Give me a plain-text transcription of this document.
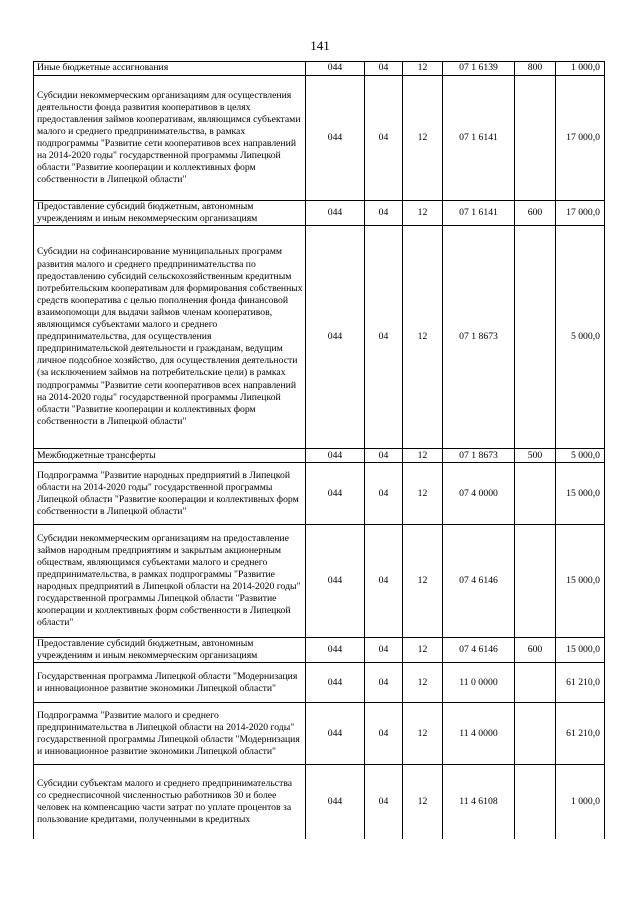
141
Иные бюджетные ассигнования	044	04	12	07 1 6139	800	1 000,0
Субсидии некоммерческим организациям для осуществления деятельности фонда развития кооперативов в целях предоставления займов кооперативам, являющимся субъектами малого и среднего предпринимательства, в рамках подпрограммы "Развитие сети кооперативов всех направлений на 2014-2020 годы" государственной программы Липецкой области "Развитие кооперации и коллективных форм собственности в Липецкой области"	044	04	12	07 1 6141		17 000,0
Предоставление субсидий бюджетным, автономным учреждениям и иным некоммерческим организациям	044	04	12	07 1 6141	600	17 000,0
Субсидии на софинансирование муниципальных программ развития малого и среднего предпринимательства по предоставлению субсидий сельскохозяйственным кредитным потребительским кооперативам для формирования собственных средств кооператива с целью пополнения фонда финансовой взаимопомощи для выдачи займов членам кооперативов, являющимся субъектами малого и среднего предпринимательства, для осуществления предпринимательской деятельности и гражданам, ведущим личное подсобное хозяйство, для осуществления деятельности (за исключением займов на потребительские цели) в рамках подпрограммы "Развитие сети кооперативов всех направлений на 2014-2020 годы" государственной программы Липецкой области "Развитие кооперации и коллективных форм собственности в Липецкой области"	044	04	12	07 1 8673		5 000,0
Межбюджетные трансферты	044	04	12	07 1 8673	500	5 000,0
Подпрограмма "Развитие народных предприятий в Липецкой области на 2014-2020 годы" государственной программы Липецкой области "Развитие кооперации и коллективных форм собственности в Липецкой области"	044	04	12	07 4 0000		15 000,0
Субсидии некоммерческим организациям на предоставление займов народным предприятиям и закрытым акционерным обществам, являющимся субъектами малого и среднего предпринимательства, в рамках подпрограммы "Развитие народных предприятий в Липецкой области на 2014-2020 годы" государственной программы Липецкой области "Развитие кооперации и коллективных форм собственности в Липецкой области"	044	04	12	07 4 6146		15 000,0
Предоставление субсидий бюджетным, автономным учреждениям и иным некоммерческим организациям	044	04	12	07 4 6146	600	15 000,0
Государственная программа Липецкой области "Модернизация и инновационное развитие экономики Липецкой области"	044	04	12	11 0 0000		61 210,0
Подпрограмма "Развитие малого и среднего предпринимательства в Липецкой области на 2014-2020 годы" государственной программы Липецкой области "Модернизация и инновационное развитие экономики Липецкой области"	044	04	12	11 4 0000		61 210,0

Субсидии субъектам малого и среднего предпринимательства со среднесписочной численностью работников 30 и более человек на компенсацию части затрат по уплате процентов за пользование кредитами, полученными в кредитных	044	04	12	11 4 6108		1 000,0
